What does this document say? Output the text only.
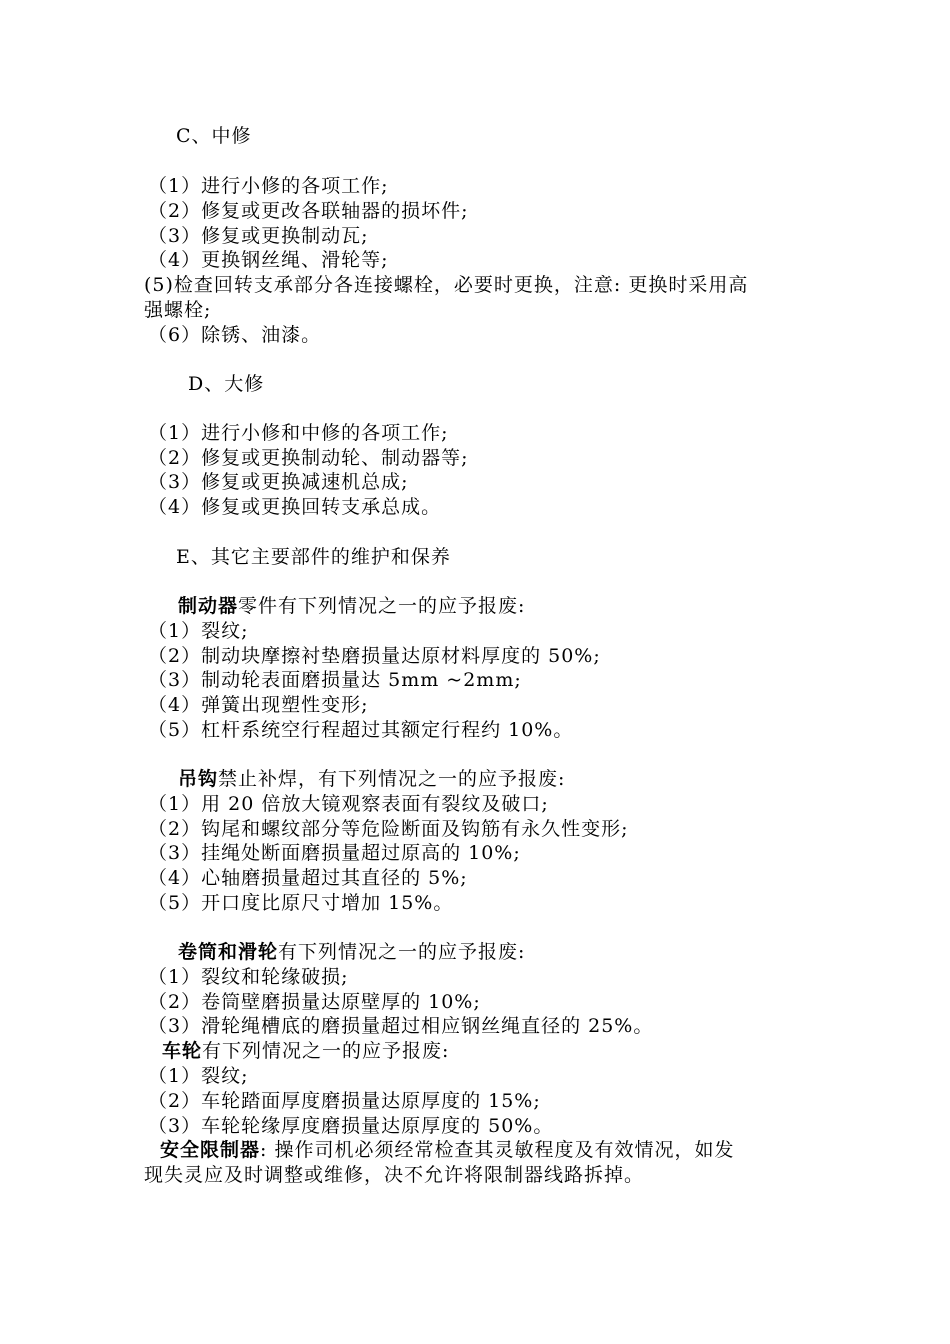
C、中修
（1）进行小修的各项工作;
（2）修复或更改各联轴器的损坏件;
（3）修复或更换制动瓦;
（4）更换钢丝绳、滑轮等;
(5)检查回转支承部分各连接螺栓，必要时更换，注意: 更换时采用高
强螺栓;
（6）除锈、油漆。
D、大修
（1）进行小修和中修的各项工作;
（2）修复或更换制动轮、制动器等;
（3）修复或更换减速机总成;
（4）修复或更换回转支承总成。
E、其它主要部件的维护和保养
制动器零件有下列情况之一的应予报废:
（1）裂纹;
（2）制动块摩擦衬垫磨损量达原材料厚度的 50%;
（3）制动轮表面磨损量达 5mm ~2mm;
（4）弹簧出现塑性变形;
（5）杠杆系统空行程超过其额定行程约 10%。
吊钩禁止补焊，有下列情况之一的应予报废:
（1）用 20 倍放大镜观察表面有裂纹及破口;
（2）钩尾和螺纹部分等危险断面及钩筋有永久性变形;
（3）挂绳处断面磨损量超过原高的 10%;
（4）心轴磨损量超过其直径的 5%;
（5）开口度比原尺寸增加 15%。
卷筒和滑轮有下列情况之一的应予报废:
（1）裂纹和轮缘破损;
（2）卷筒壁磨损量达原壁厚的 10%;
（3）滑轮绳槽底的磨损量超过相应钢丝绳直径的 25%。
车轮有下列情况之一的应予报废:
（1）裂纹;
（2）车轮踏面厚度磨损量达原厚度的 15%;
（3）车轮轮缘厚度磨损量达原厚度的 50%。
安全限制器: 操作司机必须经常检查其灵敏程度及有效情况，如发
现失灵应及时调整或维修，决不允许将限制器线路拆掉。
